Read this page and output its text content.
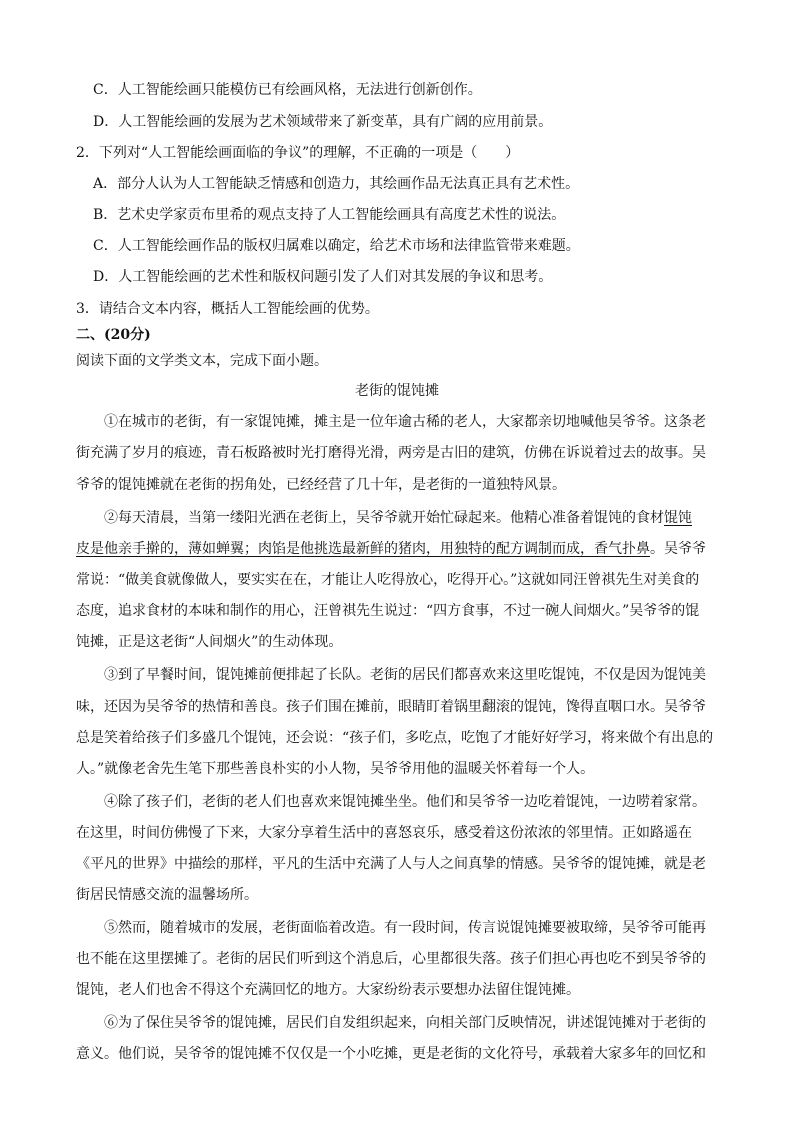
C．人工智能绘画只能模仿已有绘画风格，无法进行创新创作。
D．人工智能绘画的发展为艺术领域带来了新变革，具有广阔的应用前景。
2．下列对“人工智能绘画面临的争议”的理解，不正确的一项是（　　）
A．部分人认为人工智能缺乏情感和创造力，其绘画作品无法真正具有艺术性。
B．艺术史学家贡布里希的观点支持了人工智能绘画具有高度艺术性的说法。
C．人工智能绘画作品的版权归属难以确定，给艺术市场和法律监管带来难题。
D．人工智能绘画的艺术性和版权问题引发了人们对其发展的争议和思考。
3．请结合文本内容，概括人工智能绘画的优势。
二、(20分)
阅读下面的文学类文本，完成下面小题。
老街的馄饨摊
①在城市的老街，有一家馄饨摊，摊主是一位年逾古稀的老人，大家都亲切地喊他吴爷爷。这条老
街充满了岁月的痕迹，青石板路被时光打磨得光滑，两旁是古旧的建筑，仿佛在诉说着过去的故事。吴
爷爷的馄饨摊就在老街的拐角处，已经经营了几十年，是老街的一道独特风景。
②每天清晨，当第一缕阳光洒在老街上，吴爷爷就开始忙碌起来。他精心准备着馄饨的食材馄饨
皮是他亲手擀的，薄如蝉翼；肉馅是他挑选最新鲜的猪肉，用独特的配方调制而成，香气扑鼻。吴爷爷
常说：“做美食就像做人，要实实在在，才能让人吃得放心，吃得开心。”这就如同汪曾祺先生对美食的
态度，追求食材的本味和制作的用心，汪曾祺先生说过：“四方食事，不过一碗人间烟火。”吴爷爷的馄
饨摊，正是这老街“人间烟火”的生动体现。
③到了早餐时间，馄饨摊前便排起了长队。老街的居民们都喜欢来这里吃馄饨，不仅是因为馄饨美
味，还因为吴爷爷的热情和善良。孩子们围在摊前，眼睛盯着锅里翻滚的馄饨，馋得直咽口水。吴爷爷
总是笑着给孩子们多盛几个馄饨，还会说：“孩子们，多吃点，吃饱了才能好好学习，将来做个有出息的
人。”就像老舍先生笔下那些善良朴实的小人物，吴爷爷用他的温暖关怀着每一个人。
④除了孩子们，老街的老人们也喜欢来馄饨摊坐坐。他们和吴爷爷一边吃着馄饨，一边唠着家常。
在这里，时间仿佛慢了下来，大家分享着生活中的喜怒哀乐，感受着这份浓浓的邻里情。正如路遥在
《平凡的世界》中描绘的那样，平凡的生活中充满了人与人之间真挚的情感。吴爷爷的馄饨摊，就是老
街居民情感交流的温馨场所。
⑤然而，随着城市的发展，老街面临着改造。有一段时间，传言说馄饨摊要被取缔，吴爷爷可能再
也不能在这里摆摊了。老街的居民们听到这个消息后，心里都很失落。孩子们担心再也吃不到吴爷爷的
馄饨，老人们也舍不得这个充满回忆的地方。大家纷纷表示要想办法留住馄饨摊。
⑥为了保住吴爷爷的馄饨摊，居民们自发组织起来，向相关部门反映情况，讲述馄饨摊对于老街的
意义。他们说，吴爷爷的馄饨摊不仅仅是一个小吃摊，更是老街的文化符号，承载着大家多年的回忆和
